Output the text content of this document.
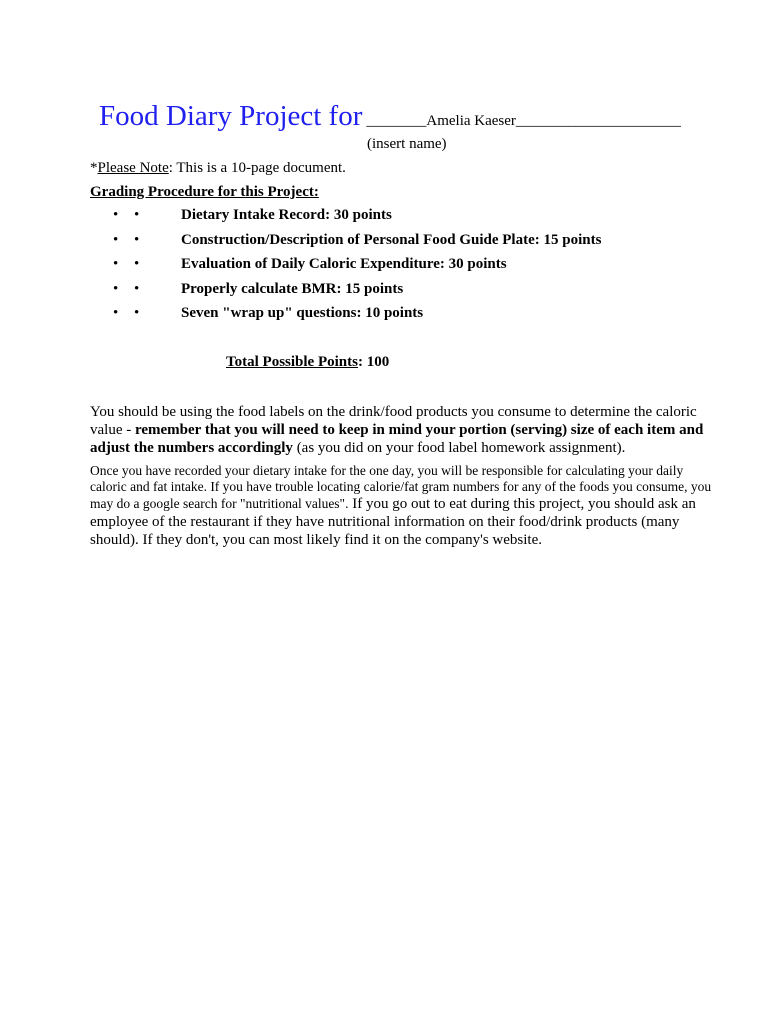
Food Diary Project for ________Amelia Kaeser______________________
(insert name)
*Please Note: This is a 10-page document.
Grading Procedure for this Project:
• •	Dietary Intake Record: 30 points
• •	Construction/Description of Personal Food Guide Plate: 15 points
• •	Evaluation of Daily Caloric Expenditure: 30 points
• •	Properly calculate BMR: 15 points
• •	Seven "wrap up" questions: 10 points
Total Possible Points: 100

You should be using the food labels on the drink/food products you consume to determine the caloric value - remember that you will need to keep in mind your portion (serving) size of each item and adjust the numbers accordingly (as you did on your food label homework assignment).

Once you have recorded your dietary intake for the one day, you will be responsible for calculating your daily caloric and fat intake. If you have trouble locating calorie/fat gram numbers for any of the foods you consume, you may do a google search for "nutritional values". If you go out to eat during this project, you should ask an employee of the restaurant if they have nutritional information on their food/drink products (many should). If they don't, you can most likely find it on the company's website.
